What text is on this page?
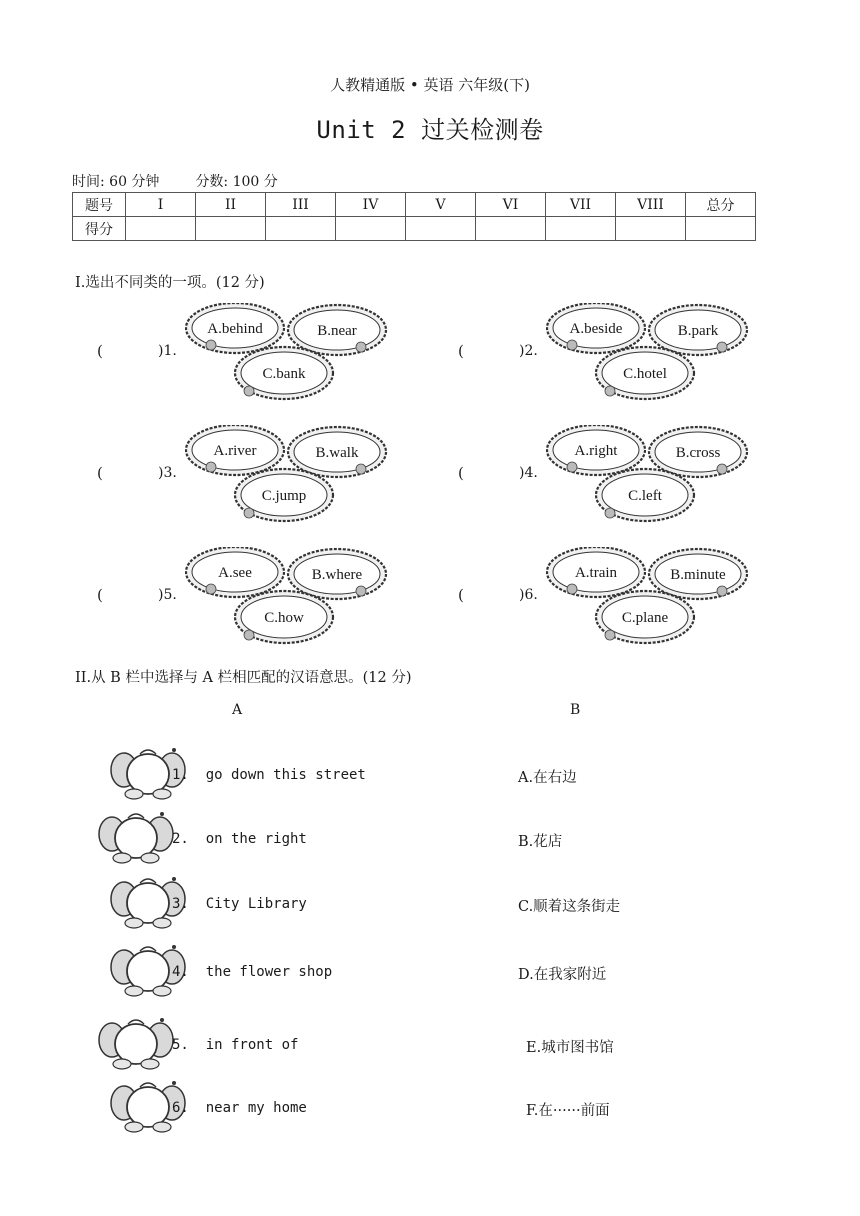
人教精通版 • 英语 六年级(下)
Unit 2 过关检测卷
时间: 60 分钟	分数: 100 分
题号	I	II	III	IV	V	VI	VII	VIII	总分
得分									
I.选出不同类的一项。(12 分)
(	)1.
A.behind	B.near
C.bank
(	)2.
A.beside	B.park
C.hotel
(	)3.
A.river	B.walk
C.jump
(	)4.
A.right	B.cross
C.left
(	)5.
A.see	B.where
C.how
(	)6.
A.train	B.minute
C.plane
II.从 B 栏中选择与 A 栏相匹配的汉语意思。(12 分)
A	B
1.  go down this street	A.在右边
2.  on the right	B.花店
3.  City Library	C.顺着这条街走
4.  the flower shop	D.在我家附近
5.  in front of	E.城市图书馆
6.  near my home	F.在······前面
